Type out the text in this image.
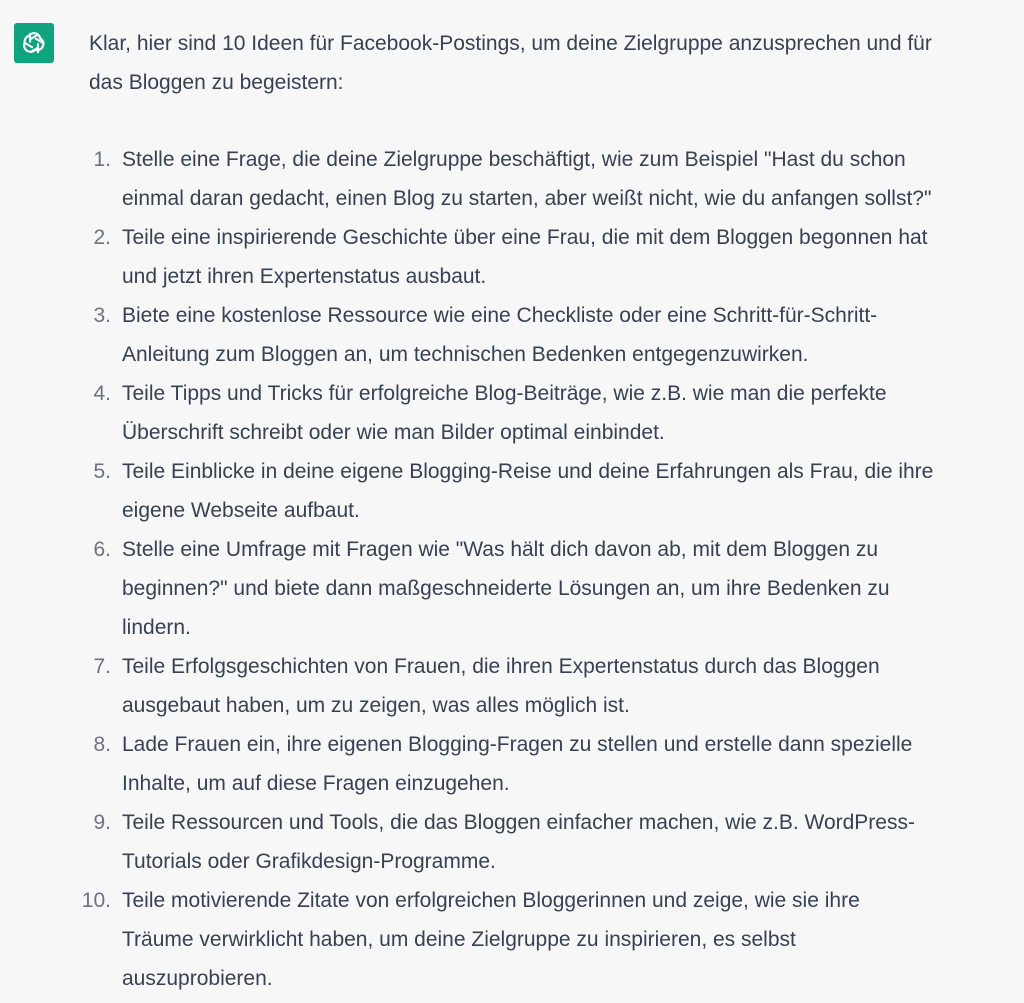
Klar, hier sind 10 Ideen für Facebook-Postings, um deine Zielgruppe anzusprechen und für
das Bloggen zu begeistern:

1. Stelle eine Frage, die deine Zielgruppe beschäftigt, wie zum Beispiel "Hast du schon
einmal daran gedacht, einen Blog zu starten, aber weißt nicht, wie du anfangen sollst?"
2. Teile eine inspirierende Geschichte über eine Frau, die mit dem Bloggen begonnen hat
und jetzt ihren Expertenstatus ausbaut.
3. Biete eine kostenlose Ressource wie eine Checkliste oder eine Schritt-für-Schritt-
Anleitung zum Bloggen an, um technischen Bedenken entgegenzuwirken.
4. Teile Tipps und Tricks für erfolgreiche Blog-Beiträge, wie z.B. wie man die perfekte
Überschrift schreibt oder wie man Bilder optimal einbindet.
5. Teile Einblicke in deine eigene Blogging-Reise und deine Erfahrungen als Frau, die ihre
eigene Webseite aufbaut.
6. Stelle eine Umfrage mit Fragen wie "Was hält dich davon ab, mit dem Bloggen zu
beginnen?" und biete dann maßgeschneiderte Lösungen an, um ihre Bedenken zu
lindern.
7. Teile Erfolgsgeschichten von Frauen, die ihren Expertenstatus durch das Bloggen
ausgebaut haben, um zu zeigen, was alles möglich ist.
8. Lade Frauen ein, ihre eigenen Blogging-Fragen zu stellen und erstelle dann spezielle
Inhalte, um auf diese Fragen einzugehen.
9. Teile Ressourcen und Tools, die das Bloggen einfacher machen, wie z.B. WordPress-
Tutorials oder Grafikdesign-Programme.
10. Teile motivierende Zitate von erfolgreichen Bloggerinnen und zeige, wie sie ihre
Träume verwirklicht haben, um deine Zielgruppe zu inspirieren, es selbst
auszuprobieren.
